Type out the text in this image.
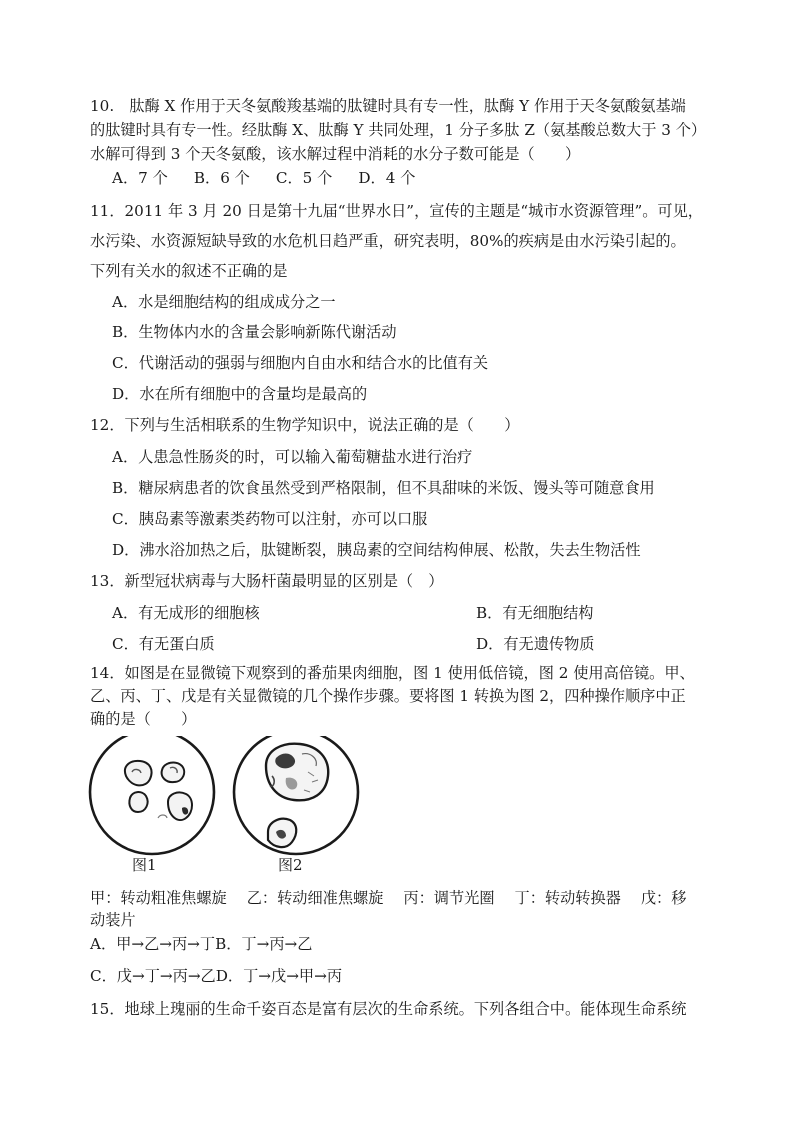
10.　肽酶 X 作用于天冬氨酸羧基端的肽键时具有专一性，肽酶 Y 作用于天冬氨酸氨基端
的肽键时具有专一性。经肽酶 X、肽酶 Y 共同处理，1 分子多肽 Z（氨基酸总数大于 3 个）
水解可得到 3 个天冬氨酸，该水解过程中消耗的水分子数可能是（　　）
A．7 个 B．6 个 C．5 个 D．4 个
11．2011 年 3 月 20 日是第十九届“世界水日”，宣传的主题是“城市水资源管理”。可见，
水污染、水资源短缺导致的水危机日趋严重，研究表明，80%的疾病是由水污染引起的。
下列有关水的叙述不正确的是
A．水是细胞结构的组成成分之一
B．生物体内水的含量会影响新陈代谢活动
C．代谢活动的强弱与细胞内自由水和结合水的比值有关
D．水在所有细胞中的含量均是最高的
12．下列与生活相联系的生物学知识中，说法正确的是（　　）
A．人患急性肠炎的时，可以输入葡萄糖盐水进行治疗
B．糖尿病患者的饮食虽然受到严格限制，但不具甜味的米饭、馒头等可随意食用
C．胰岛素等激素类药物可以注射，亦可以口服
D．沸水浴加热之后，肽键断裂，胰岛素的空间结构伸展、松散，失去生物活性
13．新型冠状病毒与大肠杆菌最明显的区别是（　）
A．有无成形的细胞核	B．有无细胞结构
C．有无蛋白质	D．有无遗传物质
14．如图是在显微镜下观察到的番茄果肉细胞，图 1 使用低倍镜，图 2 使用高倍镜。甲、
乙、丙、丁、戊是有关显微镜的几个操作步骤。要将图 1 转换为图 2，四种操作顺序中正
确的是（　　）
图1	图2
甲：转动粗准焦螺旋　 乙：转动细准焦螺旋　 丙：调节光圈　 丁：转动转换器　 戊：移
动装片
A．甲→乙→丙→丁B．丁→丙→乙
C．戊→丁→丙→乙D．丁→戊→甲→丙
15．地球上瑰丽的生命千姿百态是富有层次的生命系统。下列各组合中。能体现生命系统
